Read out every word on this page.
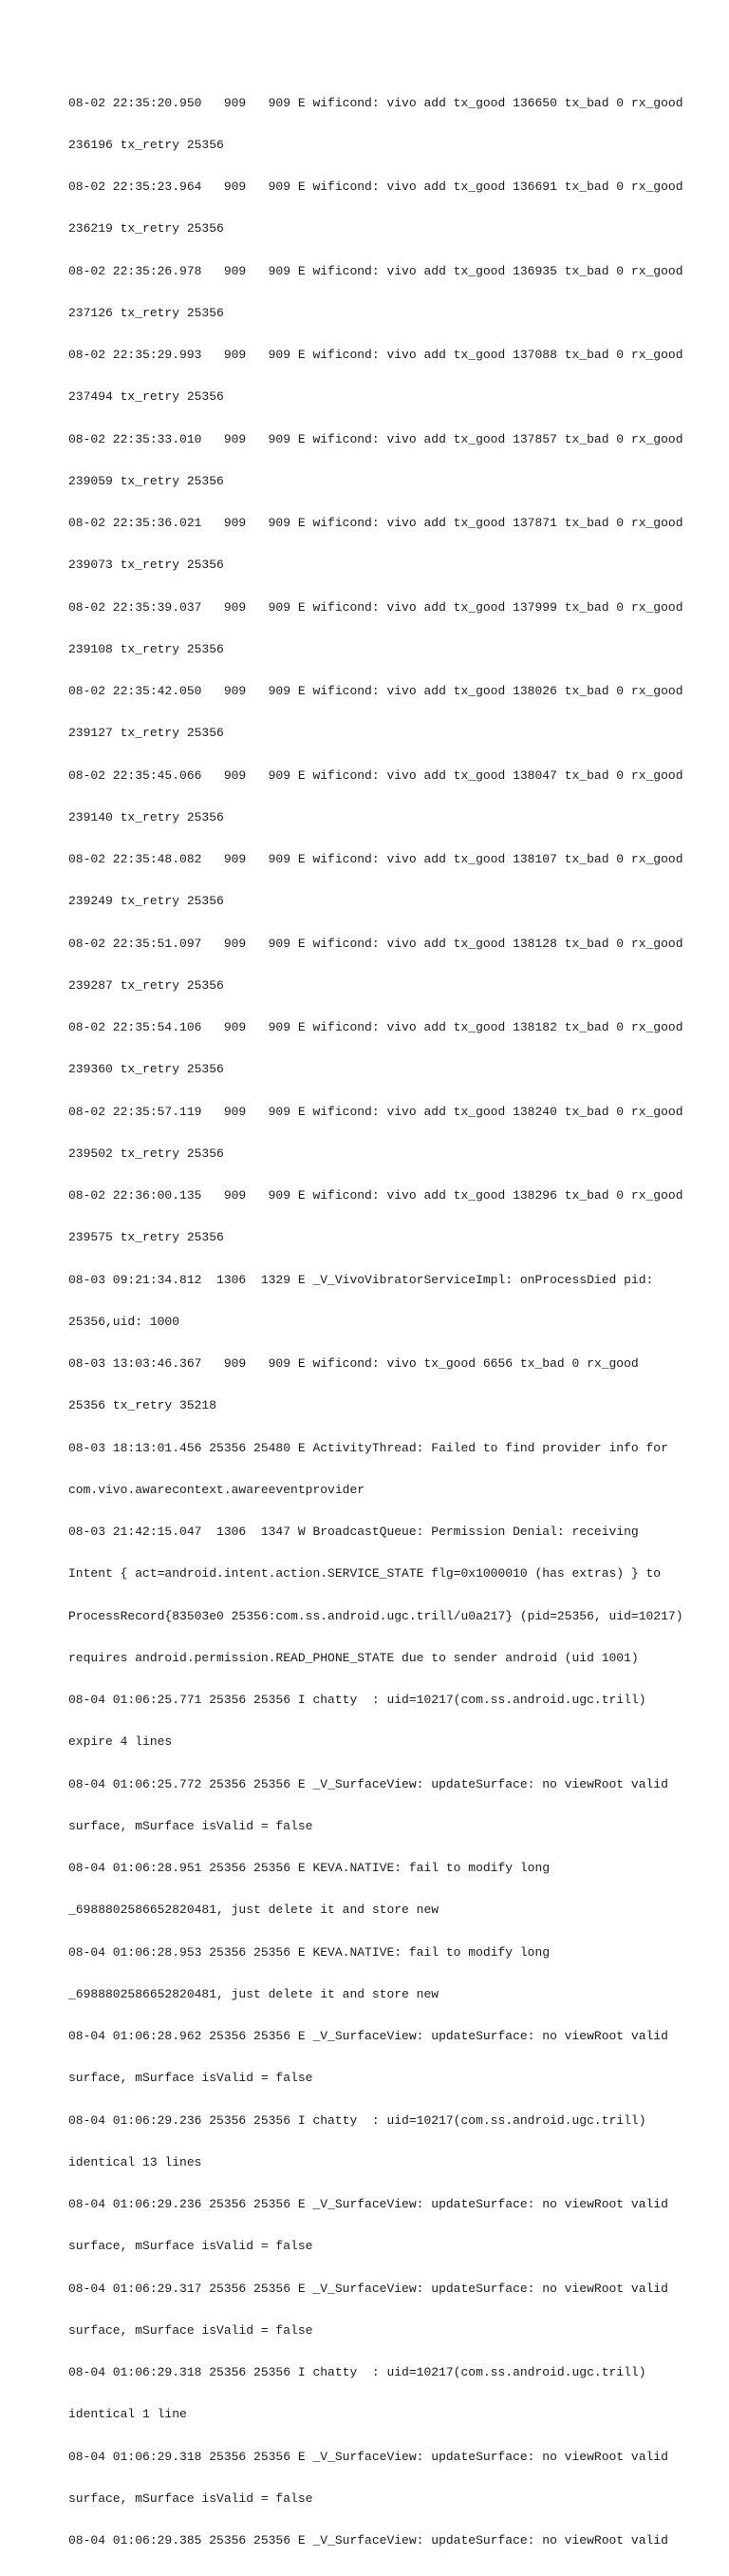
08-02 22:35:20.950   909   909 E wificond: vivo add tx_good 136650 tx_bad 0 rx_good

236196 tx_retry 25356

08-02 22:35:23.964   909   909 E wificond: vivo add tx_good 136691 tx_bad 0 rx_good

236219 tx_retry 25356

08-02 22:35:26.978   909   909 E wificond: vivo add tx_good 136935 tx_bad 0 rx_good

237126 tx_retry 25356

08-02 22:35:29.993   909   909 E wificond: vivo add tx_good 137088 tx_bad 0 rx_good

237494 tx_retry 25356

08-02 22:35:33.010   909   909 E wificond: vivo add tx_good 137857 tx_bad 0 rx_good

239059 tx_retry 25356

08-02 22:35:36.021   909   909 E wificond: vivo add tx_good 137871 tx_bad 0 rx_good

239073 tx_retry 25356

08-02 22:35:39.037   909   909 E wificond: vivo add tx_good 137999 tx_bad 0 rx_good

239108 tx_retry 25356

08-02 22:35:42.050   909   909 E wificond: vivo add tx_good 138026 tx_bad 0 rx_good

239127 tx_retry 25356

08-02 22:35:45.066   909   909 E wificond: vivo add tx_good 138047 tx_bad 0 rx_good

239140 tx_retry 25356

08-02 22:35:48.082   909   909 E wificond: vivo add tx_good 138107 tx_bad 0 rx_good

239249 tx_retry 25356

08-02 22:35:51.097   909   909 E wificond: vivo add tx_good 138128 tx_bad 0 rx_good

239287 tx_retry 25356

08-02 22:35:54.106   909   909 E wificond: vivo add tx_good 138182 tx_bad 0 rx_good

239360 tx_retry 25356

08-02 22:35:57.119   909   909 E wificond: vivo add tx_good 138240 tx_bad 0 rx_good

239502 tx_retry 25356

08-02 22:36:00.135   909   909 E wificond: vivo add tx_good 138296 tx_bad 0 rx_good

239575 tx_retry 25356

08-03 09:21:34.812  1306  1329 E _V_VivoVibratorServiceImpl: onProcessDied pid:

25356,uid: 1000

08-03 13:03:46.367   909   909 E wificond: vivo tx_good 6656 tx_bad 0 rx_good

25356 tx_retry 35218

08-03 18:13:01.456 25356 25480 E ActivityThread: Failed to find provider info for

com.vivo.awarecontext.awareeventprovider

08-03 21:42:15.047  1306  1347 W BroadcastQueue: Permission Denial: receiving

Intent { act=android.intent.action.SERVICE_STATE flg=0x1000010 (has extras) } to

ProcessRecord{83503e0 25356:com.ss.android.ugc.trill/u0a217} (pid=25356, uid=10217)

requires android.permission.READ_PHONE_STATE due to sender android (uid 1001)

08-04 01:06:25.771 25356 25356 I chatty  : uid=10217(com.ss.android.ugc.trill)

expire 4 lines

08-04 01:06:25.772 25356 25356 E _V_SurfaceView: updateSurface: no viewRoot valid

surface, mSurface isValid = false

08-04 01:06:28.951 25356 25356 E KEVA.NATIVE: fail to modify long

_6988802586652820481, just delete it and store new

08-04 01:06:28.953 25356 25356 E KEVA.NATIVE: fail to modify long

_6988802586652820481, just delete it and store new

08-04 01:06:28.962 25356 25356 E _V_SurfaceView: updateSurface: no viewRoot valid

surface, mSurface isValid = false

08-04 01:06:29.236 25356 25356 I chatty  : uid=10217(com.ss.android.ugc.trill)

identical 13 lines

08-04 01:06:29.236 25356 25356 E _V_SurfaceView: updateSurface: no viewRoot valid

surface, mSurface isValid = false

08-04 01:06:29.317 25356 25356 E _V_SurfaceView: updateSurface: no viewRoot valid

surface, mSurface isValid = false

08-04 01:06:29.318 25356 25356 I chatty  : uid=10217(com.ss.android.ugc.trill)

identical 1 line

08-04 01:06:29.318 25356 25356 E _V_SurfaceView: updateSurface: no viewRoot valid

surface, mSurface isValid = false

08-04 01:06:29.385 25356 25356 E _V_SurfaceView: updateSurface: no viewRoot valid
